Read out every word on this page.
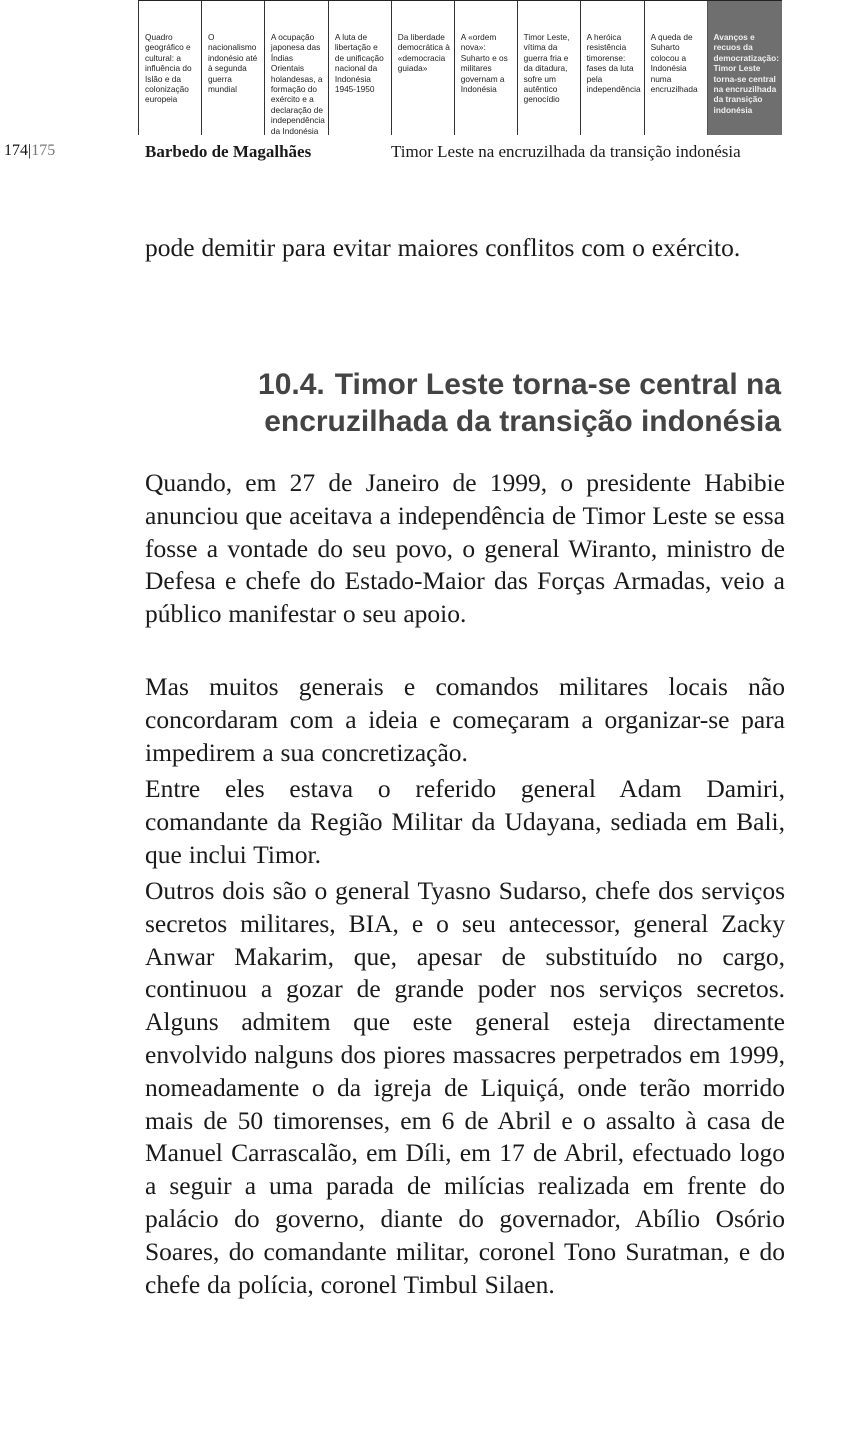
Quadro geográfico e cultural: a influência do Islão e da colonização europeia
O nacionalismo indonésio até à segunda guerra mundial
A ocupação japonesa das Índias Orientais holandesas, a formação do exército e a declaração de independência da Indonésia
A luta de libertação e de unificação nacional da Indonésia 1945-1950
Da liberdade democrática à «democracia guiada»
A «ordem nova»: Suharto e os militares governam a Indonésia
Timor Leste, vítima da guerra fria e da ditadura, sofre um autêntico genocídio
A heróica resistência timorense: fases da luta pela independência
A queda de Suharto colocou a Indonésia numa encruzilhada
Avanços e recuos da democratização: Timor Leste torna-se central na encruzilhada da transição indonésia
174|175	Barbedo de Magalhães	Timor Leste na encruzilhada da transição indonésia

pode demitir para evitar maiores conflitos com o exército.

10.4. Timor Leste torna-se central na
encruzilhada da transição indonésia

Quando, em 27 de Janeiro de 1999, o presidente Habibie anunciou que aceitava a independência de Timor Leste se essa fosse a vontade do seu povo, o general Wiranto, ministro de Defesa e chefe do Estado-Maior das Forças Armadas, veio a público manifestar o seu apoio.

Mas muitos generais e comandos militares locais não concordaram com a ideia e começaram a organizar-se para impedirem a sua concretização.

Entre eles estava o referido general Adam Damiri, comandante da Região Militar da Udayana, sediada em Bali, que inclui Timor.

Outros dois são o general Tyasno Sudarso, chefe dos serviços secretos militares, BIA, e o seu antecessor, general Zacky Anwar Makarim, que, apesar de substituído no cargo, continuou a gozar de grande poder nos serviços secretos. Alguns admitem que este general esteja directamente envolvido nalguns dos piores massacres perpetrados em 1999, nomeadamente o da igreja de Liquiçá, onde terão morrido mais de 50 timorenses, em 6 de Abril e o assalto à casa de Manuel Carrascalão, em Díli, em 17 de Abril, efectuado logo a seguir a uma parada de milícias realizada em frente do palácio do governo, diante do governador, Abílio Osório Soares, do comandante militar, coronel Tono Suratman, e do chefe da polícia, coronel Timbul Silaen.
